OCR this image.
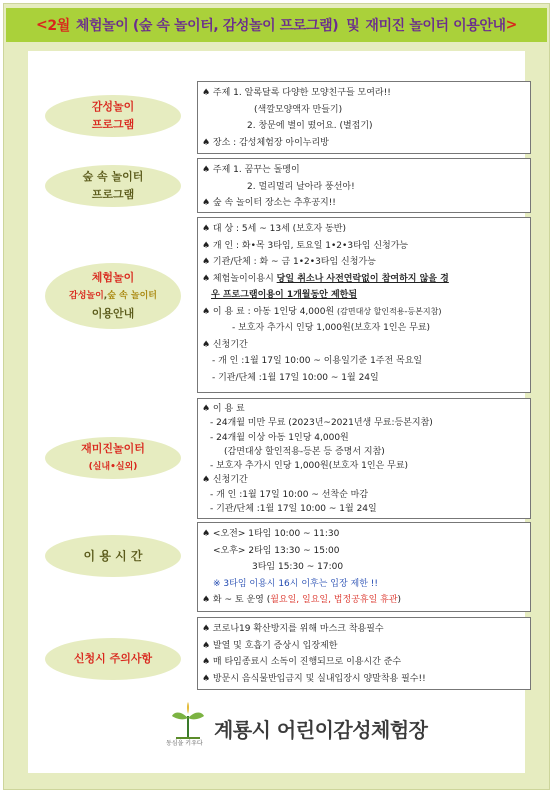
< 2월 체험놀이 (숲 속 놀이터, 감성놀이 프로그램) 및 재미진 놀이터 이용안내 >
감성놀이
프로그램
♠ 주제 1. 알록달록 다양한 모양친구들 모여라!!
(색깔모양액자 만들기)
2. 창문에 별이 떴어요. (별접기)
♠ 장소 : 감성체험장 아이누리방
숲 속 놀이터
프로그램
♠ 주제 1. 꿈꾸는 돌멩이
2. 멀리멀리 날아라 풍선아!
♠ 숲 속 놀이터 장소는 추후공지!!
체험놀이
감성놀이,숲 속 놀이터
이용안내
♠ 대 상 : 5세 ~ 13세 (보호자 동반)
♠ 개 인 : 화•목 3타임, 토요일 1•2•3타임 신청가능
♠ 기관/단체 : 화 ~ 금 1•2•3타임 신청가능
♠ 체험놀이이용시 당일 취소나 사전연락없이 참여하지 않을 경
우 프로그램이용이 1개월동안 제한됨
♠ 이 용 료 : 아동 1인당 4,000원 (감면대상 할인적용-등본지참)
- 보호자 추가시 인당 1,000원(보호자 1인은 무료)
♠ 신청기간
- 개 인 :1월 17일 10:00 ~ 이용일기준 1주전 목요일
- 기관/단체 :1월 17일 10:00 ~ 1월 24일
재미진놀이터
(실내•실외)
♠ 이 용 료
- 24개월 미만 무료 (2023년~2021년생 무료:등본지참)
- 24개월 이상 아동 1인당 4,000원
(감면대상 할인적용-등본 등 증명서 지참)
- 보호자 추가시 인당 1,000원(보호자 1인은 무료)
♠ 신청기간
- 개 인 :1월 17일 10:00 ~ 선착순 마감
- 기관/단체 :1월 17일 10:00 ~ 1월 24일
이 용 시 간
♠ <오전> 1타임 10:00 ~ 11:30
<오후> 2타임 13:30 ~ 15:00
3타임 15:30 ~ 17:00
※ 3타임 이용시 16시 이후는 입장 제한 !!
♠ 화 ~ 토 운영 (월요일, 일요일, 법정공휴일 휴관)
신청시 주의사항
♠ 코로나19 확산방지를 위해 마스크 착용필수
♠ 발열 및 호흡기 증상시 입장제한
♠ 매 타임종료시 소독이 진행되므로 이용시간 준수
♠ 방문시 음식물반입금지 및 실내입장시 양말착용 필수!!
동심을 키우다
계룡시 어린이감성체험장
